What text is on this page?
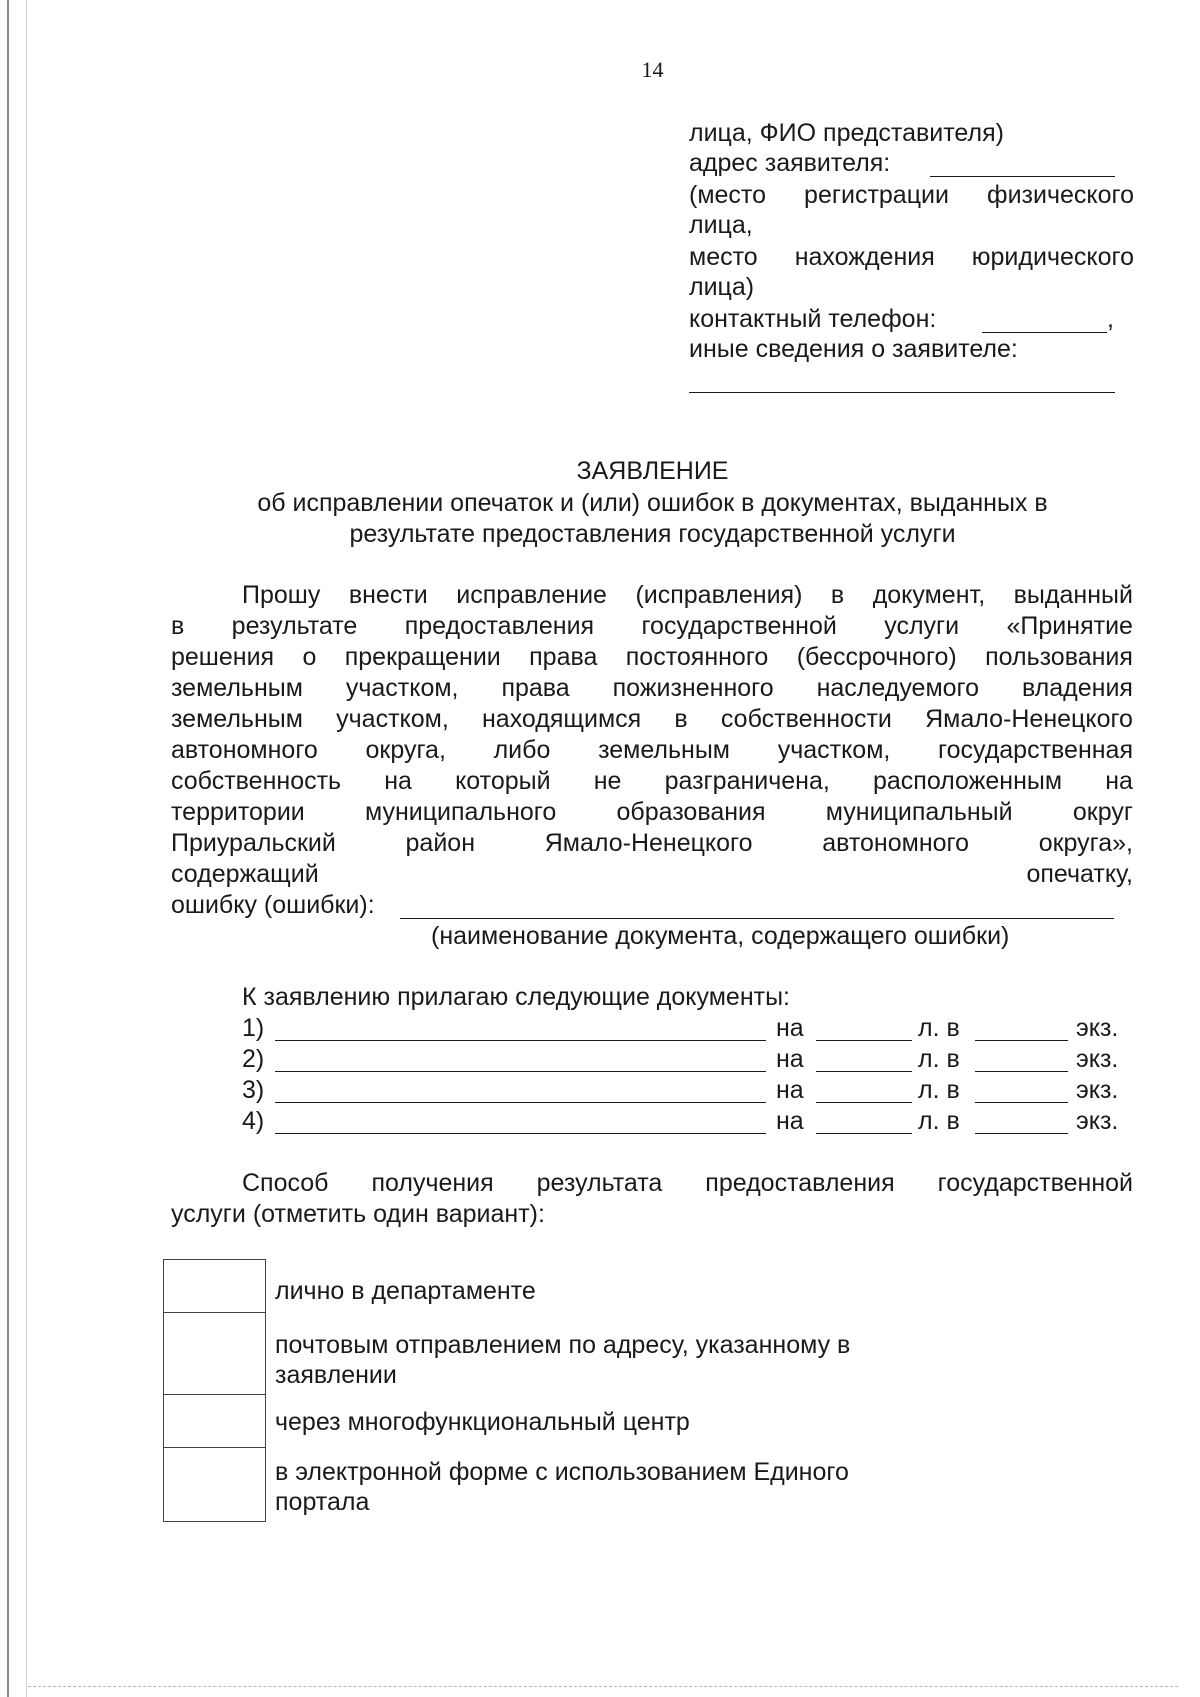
14
лица, ФИО представителя)
адрес заявителя:
(место регистрации физического
лица,
место нахождения юридического
лица)
контактный телефон:	,
иные сведения о заявителе:
ЗАЯВЛЕНИЕ
об исправлении опечаток и (или) ошибок в документах, выданных в
результате предоставления государственной услуги
Прошу внести исправление (исправления) в документ, выданный
в результате предоставления государственной услуги «Принятие
решения о прекращении права постоянного (бессрочного) пользования
земельным участком, права пожизненного наследуемого владения
земельным участком, находящимся в собственности Ямало-Ненецкого
автономного округа, либо земельным участком, государственная
собственность на который не разграничена, расположенным на
территории муниципального образования муниципальный округ
Приуральский	район	Ямало-Ненецкого	автономного	округа»,
содержащий	опечатку,
ошибку (ошибки):
(наименование документа, содержащего ошибки)
К заявлению прилагаю следующие документы:
1)	на	л. в	экз.
2)	на	л. в	экз.
3)	на	л. в	экз.
4)	на	л. в	экз.
Способ получения результата предоставления государственной
услуги (отметить один вариант):
лично в департаменте
почтовым отправлением по адресу, указанному в
заявлении
через многофункциональный центр
в электронной форме с использованием Единого
портала
